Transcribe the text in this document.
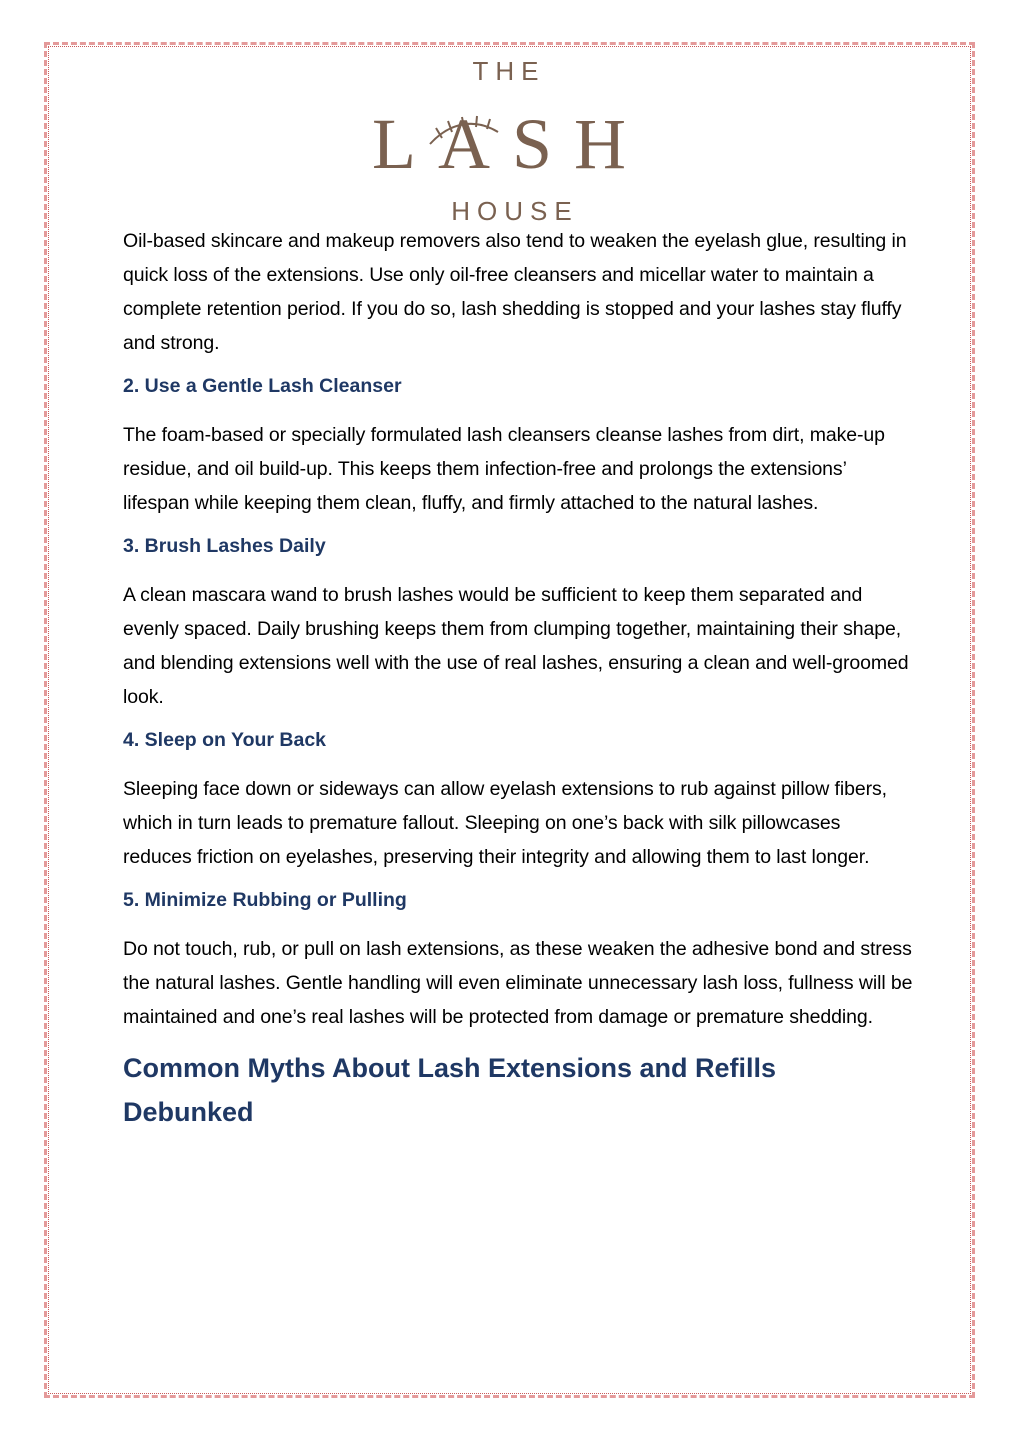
THE
LASH
HOUSE

Oil-based skincare and makeup removers also tend to weaken the eyelash glue, resulting in quick loss of the extensions. Use only oil-free cleansers and micellar water to maintain a complete retention period. If you do so, lash shedding is stopped and your lashes stay fluffy and strong.

2. Use a Gentle Lash Cleanser

The foam-based or specially formulated lash cleansers cleanse lashes from dirt, make-up residue, and oil build-up. This keeps them infection-free and prolongs the extensions’ lifespan while keeping them clean, fluffy, and firmly attached to the natural lashes.

3. Brush Lashes Daily

A clean mascara wand to brush lashes would be sufficient to keep them separated and evenly spaced. Daily brushing keeps them from clumping together, maintaining their shape, and blending extensions well with the use of real lashes, ensuring a clean and well-groomed look.

4. Sleep on Your Back

Sleeping face down or sideways can allow eyelash extensions to rub against pillow fibers, which in turn leads to premature fallout. Sleeping on one’s back with silk pillowcases reduces friction on eyelashes, preserving their integrity and allowing them to last longer.

5. Minimize Rubbing or Pulling

Do not touch, rub, or pull on lash extensions, as these weaken the adhesive bond and stress the natural lashes. Gentle handling will even eliminate unnecessary lash loss, fullness will be maintained and one’s real lashes will be protected from damage or premature shedding.

Common Myths About Lash Extensions and Refills Debunked
